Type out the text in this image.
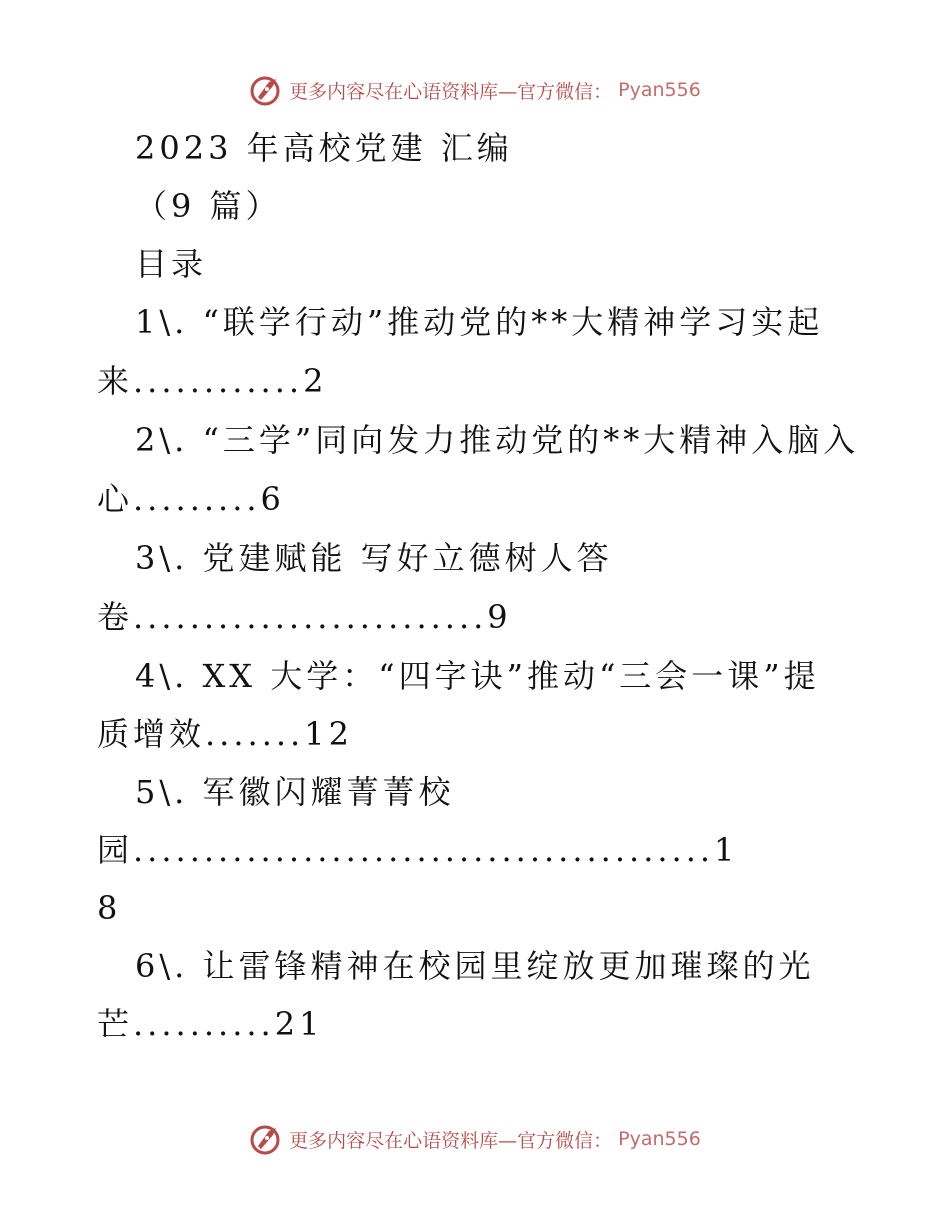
更多内容尽在心语资料库—官方微信： Pyan556
2023 年高校党建 汇编
（9 篇）
目录
1\. “联学行动”推动党的**大精神学习实起
来............2
2\. “三学”同向发力推动党的**大精神入脑入
心.........6
3\. 党建赋能 写好立德树人答
卷.........................9
4\. XX 大学：“四字诀”推动“三会一课”提
质增效.......12
5\. 军徽闪耀菁菁校
园.........................................1
8
6\. 让雷锋精神在校园里绽放更加璀璨的光
芒..........21
更多内容尽在心语资料库—官方微信： Pyan556
